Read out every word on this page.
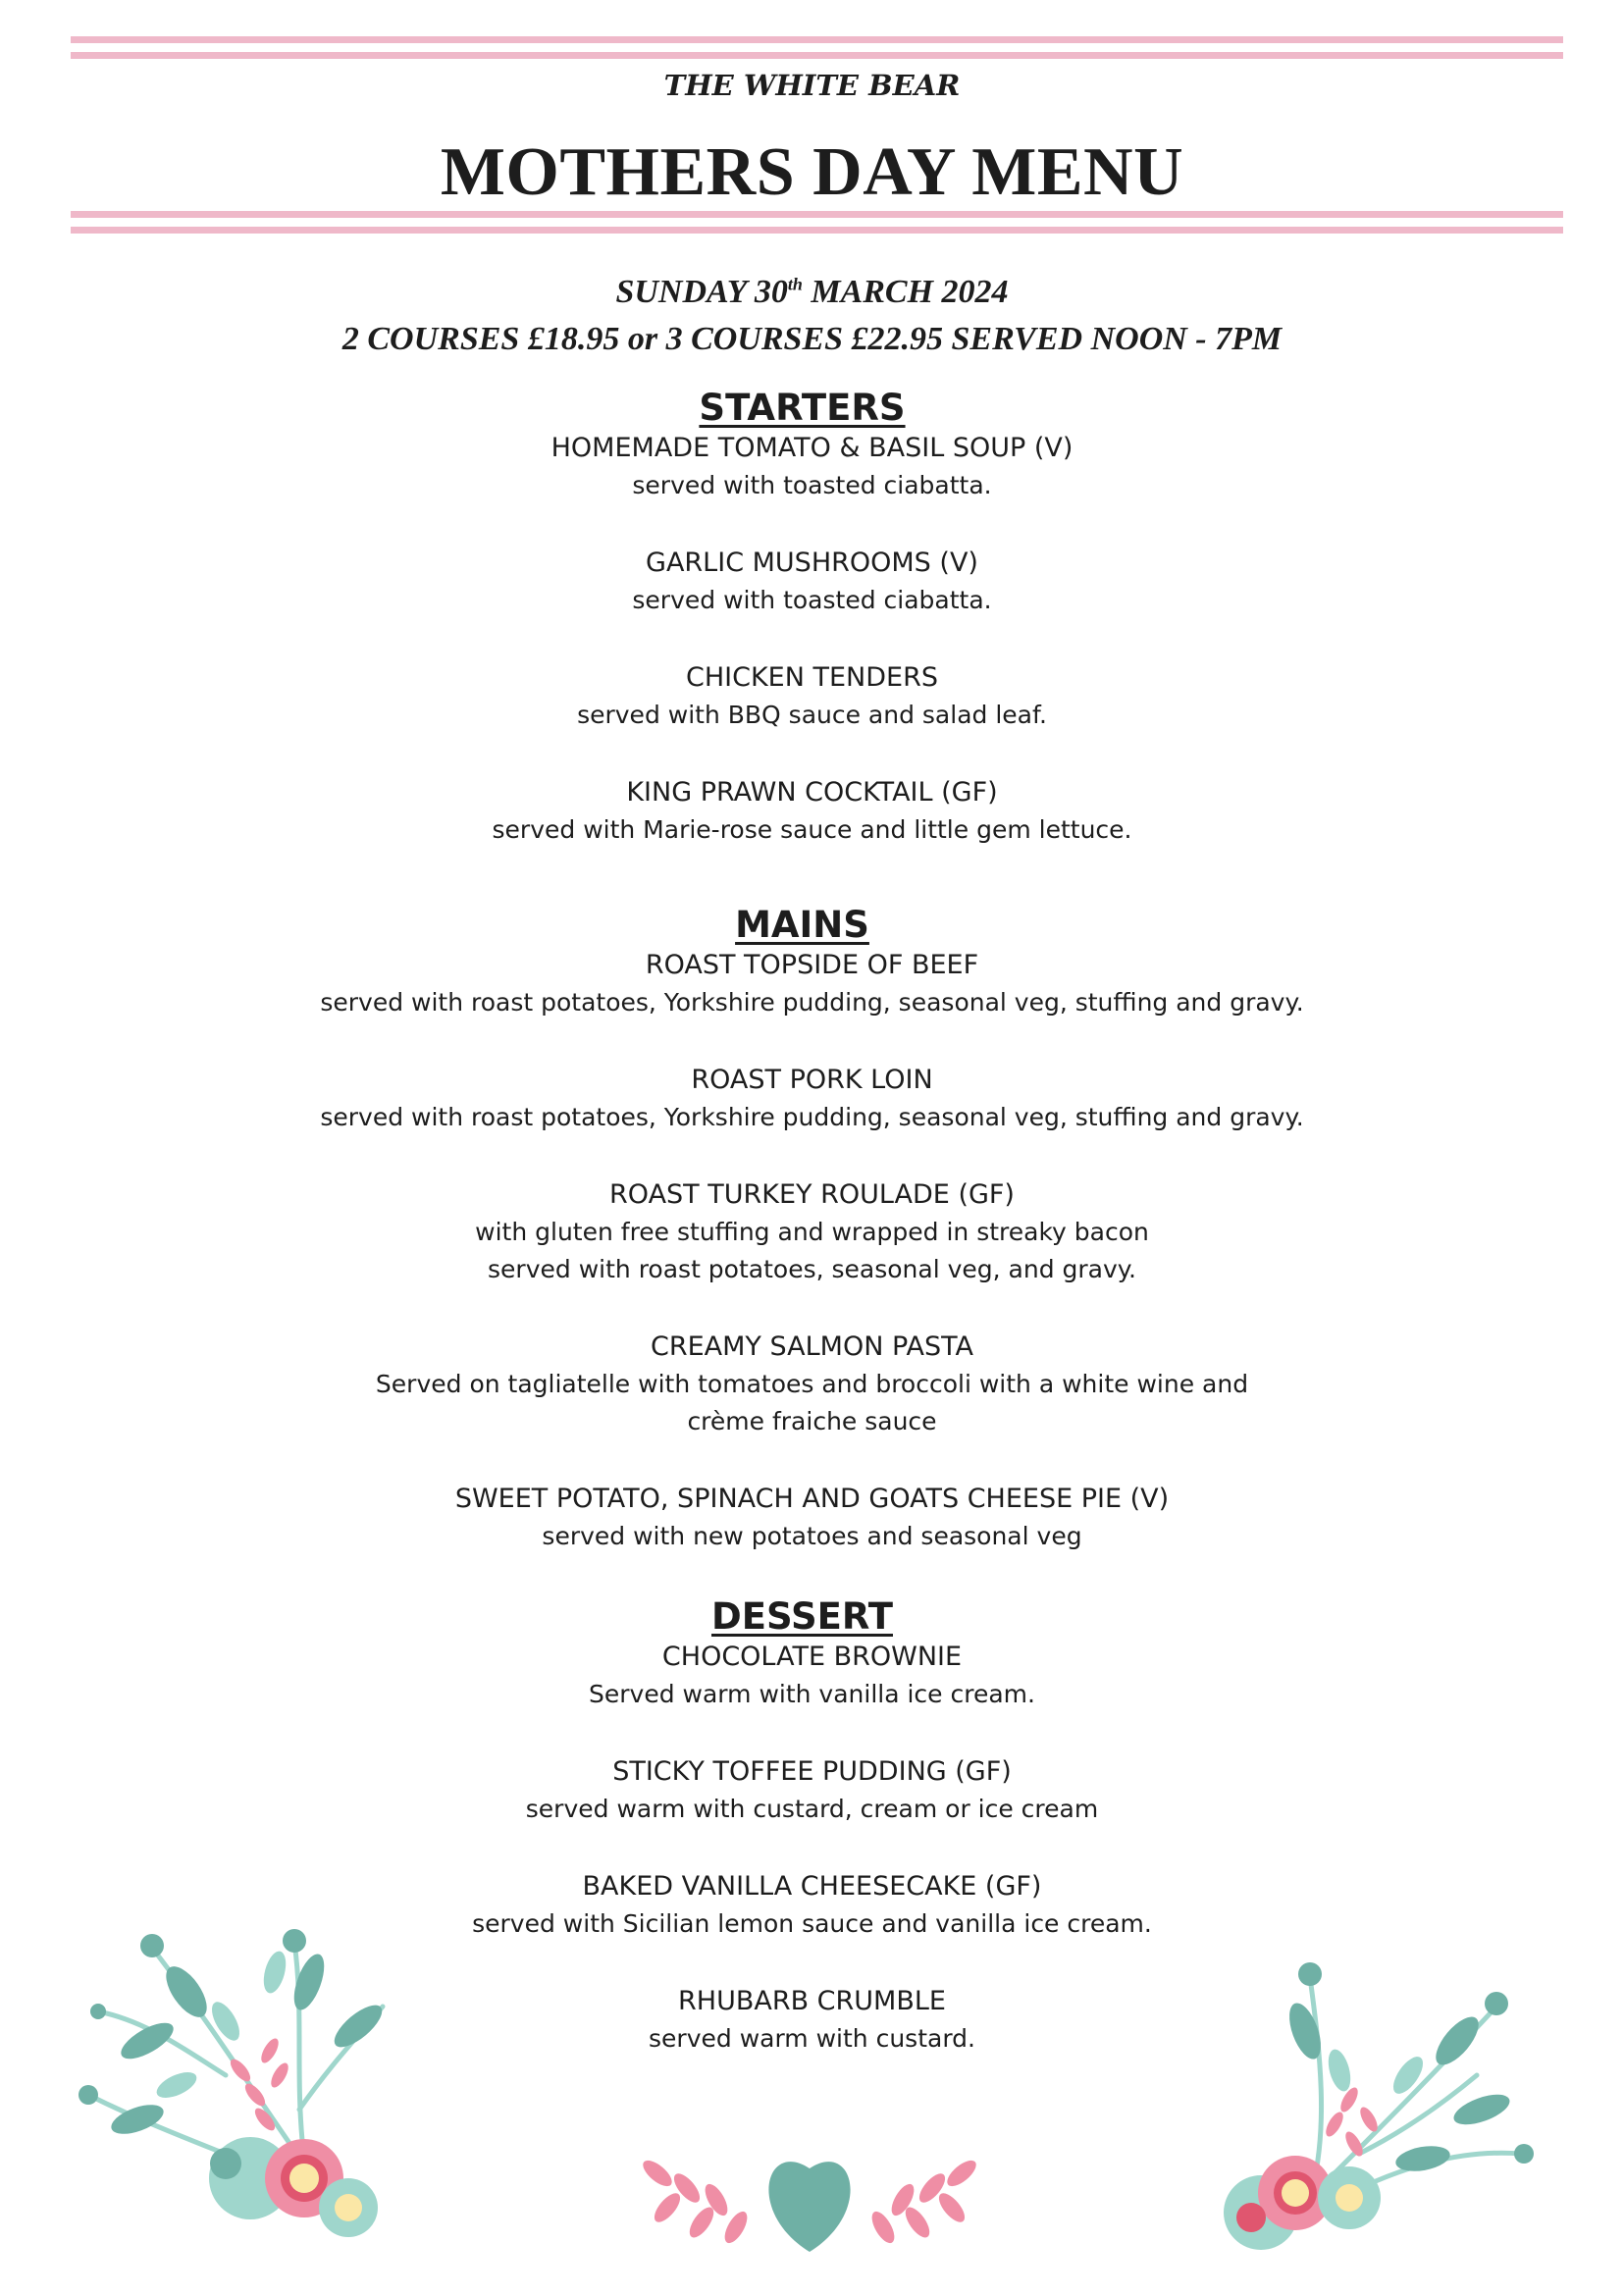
THE WHITE BEAR
MOTHERS DAY MENU
SUNDAY 30th MARCH 2024
2 COURSES £18.95 or 3 COURSES £22.95 SERVED NOON - 7PM
STARTERS
HOMEMADE TOMATO & BASIL SOUP (V)
served with toasted ciabatta.
GARLIC MUSHROOMS (V)
served with toasted ciabatta.
CHICKEN TENDERS
served with BBQ sauce and salad leaf.
KING PRAWN COCKTAIL (GF)
served with Marie-rose sauce and little gem lettuce.
MAINS
ROAST TOPSIDE OF BEEF
served with roast potatoes, Yorkshire pudding, seasonal veg, stuffing and gravy.
ROAST PORK LOIN
served with roast potatoes, Yorkshire pudding, seasonal veg, stuffing and gravy.
ROAST TURKEY ROULADE (GF)
with gluten free stuffing and wrapped in streaky bacon
served with roast potatoes, seasonal veg, and gravy.
CREAMY SALMON PASTA
Served on tagliatelle with tomatoes and broccoli with a white wine and
crème fraiche sauce
SWEET POTATO, SPINACH AND GOATS CHEESE PIE (V)
served with new potatoes and seasonal veg
DESSERT
CHOCOLATE BROWNIE
Served warm with vanilla ice cream.
STICKY TOFFEE PUDDING (GF)
served warm with custard, cream or ice cream
BAKED VANILLA CHEESECAKE (GF)
served with Sicilian lemon sauce and vanilla ice cream.
RHUBARB CRUMBLE
served warm with custard.
